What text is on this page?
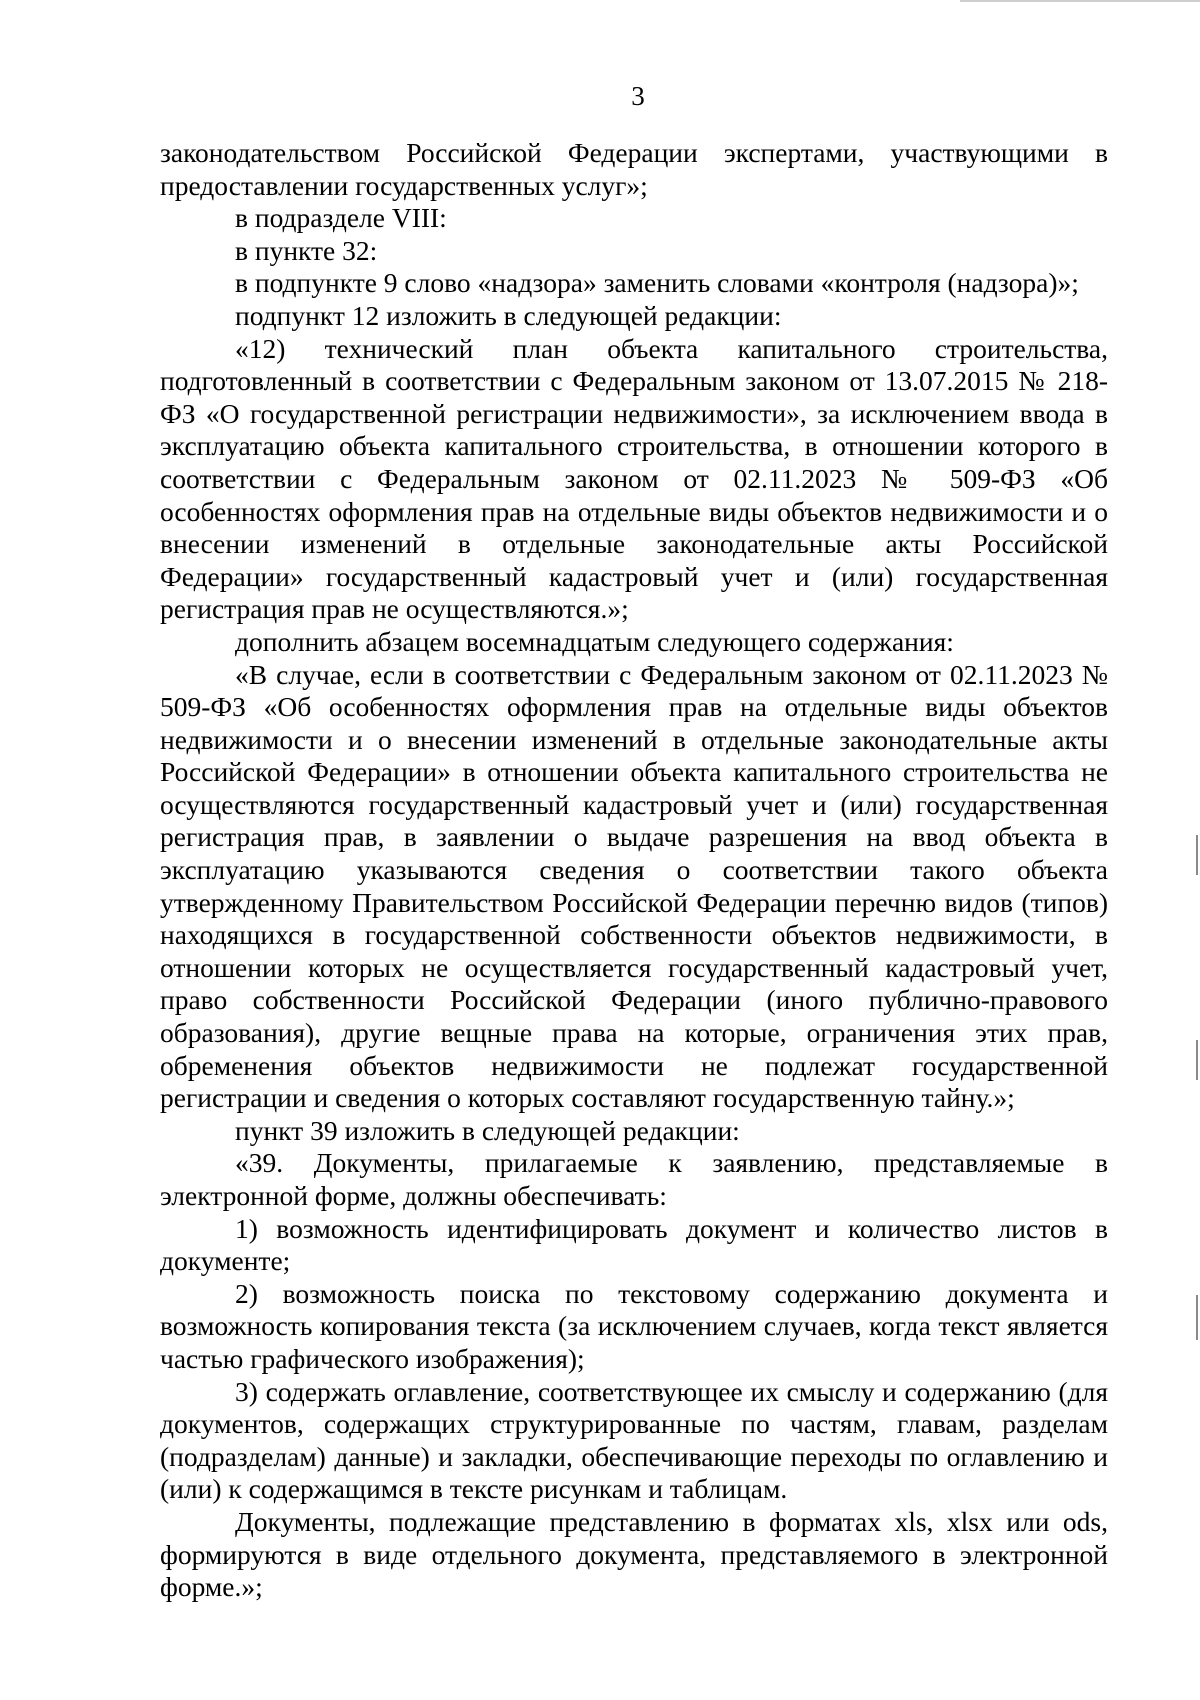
3

законодательством Российской Федерации экспертами, участвующими в предоставлении государственных услуг»;

в подразделе VIII:

в пункте 32:

в подпункте 9 слово «надзора» заменить словами «контроля (надзора)»;

подпункт 12 изложить в следующей редакции:

«12) технический план объекта капитального строительства, подготовленный в соответствии с Федеральным законом от 13.07.2015 № 218-ФЗ «О государственной регистрации недвижимости», за исключением ввода в эксплуатацию объекта капитального строительства, в отношении которого в соответствии с Федеральным законом от 02.11.2023 № 509-ФЗ «Об особенностях оформления прав на отдельные виды объектов недвижимости и о внесении изменений в отдельные законодательные акты Российской Федерации» государственный кадастровый учет и (или) государственная регистрация прав не осуществляются.»;

дополнить абзацем восемнадцатым следующего содержания:

«В случае, если в соответствии с Федеральным законом от 02.11.2023 № 509-ФЗ «Об особенностях оформления прав на отдельные виды объектов недвижимости и о внесении изменений в отдельные законодательные акты Российской Федерации» в отношении объекта капитального строительства не осуществляются государственный кадастровый учет и (или) государственная регистрация прав, в заявлении о выдаче разрешения на ввод объекта в эксплуатацию указываются сведения о соответствии такого объекта утвержденному Правительством Российской Федерации перечню видов (типов) находящихся в государственной собственности объектов недвижимости, в отношении которых не осуществляется государственный кадастровый учет, право собственности Российской Федерации (иного публично-правового образования), другие вещные права на которые, ограничения этих прав, обременения объектов недвижимости не подлежат государственной регистрации и сведения о которых составляют государственную тайну.»;

пункт 39 изложить в следующей редакции:

«39. Документы, прилагаемые к заявлению, представляемые в электронной форме, должны обеспечивать:

1) возможность идентифицировать документ и количество листов в документе;

2) возможность поиска по текстовому содержанию документа и возможность копирования текста (за исключением случаев, когда текст является частью графического изображения);

3) содержать оглавление, соответствующее их смыслу и содержанию (для документов, содержащих структурированные по частям, главам, разделам (подразделам) данные) и закладки, обеспечивающие переходы по оглавлению и (или) к содержащимся в тексте рисункам и таблицам.

Документы, подлежащие представлению в форматах xls, xlsx или ods, формируются в виде отдельного документа, представляемого в электронной форме.»;
